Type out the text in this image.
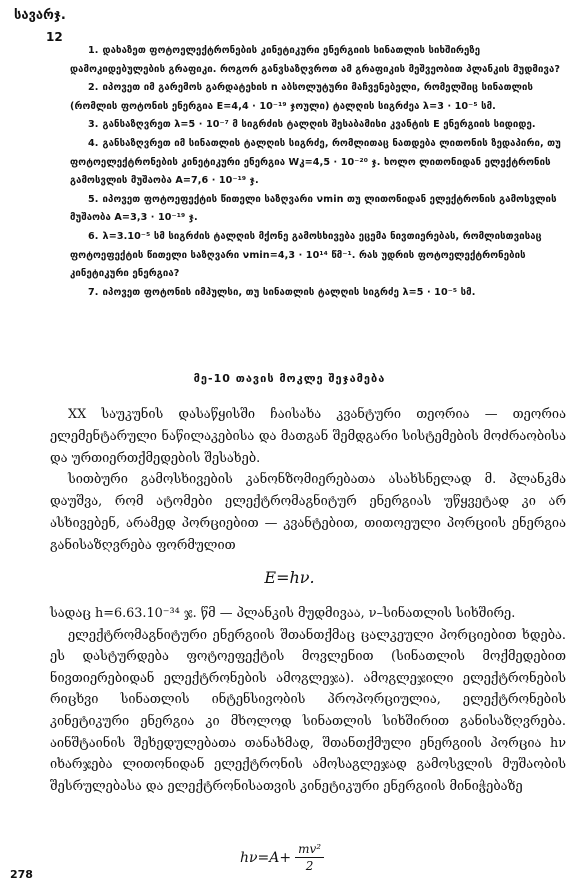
სავარჯ.
12

1. დახაზეთ ფოტოელექტრონების კინეტიკური ენერგიის სინათლის სიხშირეზე დამოკიდებულების გრაფიკი. როგორ განვსაზღვროთ ამ გრაფიკის მეშვეობით პლანკის მუდმივა?

2. იპოვეთ იმ გარემოს გარდატეხის n აბსოლუტური მაჩვენებელი, რომელშიც სინათლის (რომლის ფოტონის ენერგია E=4,4 · 10⁻¹⁹ ჯოული) ტალღის სიგრძეა λ=3 · 10⁻⁵ სმ.

3. განსაზღვრეთ λ=5 · 10⁻⁷ მ სიგრძის ტალღის შესაბამისი კვანტის E ენერგიის სიდიდე.

4. განსაზღვრეთ იმ სინათლის ტალღის სიგრძე, რომლითაც ნათდება ლითონის ზედაპირი, თუ ფოტოელექტრონების კინეტიკური ენერგია Wკ=4,5 · 10⁻²⁰ ჯ. ხოლო ლითონიდან ელექტრონის გამოსვლის მუშაობა A=7,6 · 10⁻¹⁹ ჯ.

5. იპოვეთ ფოტოეფექტის წითელი საზღვარი νmin თუ ლითონიდან ელექტრონის გამოსვლის მუშაობა A=3,3 · 10⁻¹⁹ ჯ.

6. λ=3.10⁻⁵ სმ სიგრძის ტალღის მქონე გამოსხივება ეცემა ნივთიერებას, რომლისთვისაც ფოტოეფექტის წითელი საზღვარი νmin=4,3 · 10¹⁴ წმ⁻¹. რას უდრის ფოტოელექტრონების კინეტიკური ენერგია?

7. იპოვეთ ფოტონის იმპულსი, თუ სინათლის ტალღის სიგრძე λ=5 · 10⁻⁵ სმ.

მე-10 თავის მოკლე შეჯამება

XX საუკუნის დასაწყისში ჩაისახა კვანტური თეორია — თეორია ელემენტარული ნაწილაკებისა და მათგან შემდგარი სისტემების მოძრაობისა და ურთიერთქმედების შესახებ.

სითბური გამოსხივების კანონზომიერებათა ასახსნელად მ. პლანკმა დაუშვა, რომ ატომები ელექტრომაგნიტურ ენერგიას უწყვეტად კი არ ასხივებენ, არამედ პორციებით — კვანტებით, თითოეული პორციის ენერგია განისაზღვრება ფორმულით

E=hν.

სადაც h=6.63.10⁻³⁴ ჯ. წმ — პლანკის მუდმივაა, ν–სინათლის სიხშირე.

ელექტრომაგნიტური ენერგიის შთანთქმაც ცალკეული პორციებით ხდება. ეს დასტურდება ფოტოეფექტის მოვლენით (სინათლის მოქმედებით ნივთიერებიდან ელექტრონების ამოგლეჯა). ამოგლეჯილი ელექტრონების რიცხვი სინათლის ინტენსივობის პროპორციულია, ელექტრონების კინეტიკური ენერგია კი მხოლოდ სინათლის სიხშირით განისაზღვრება. აინშტაინის შეხედულებათა თანახმად, შთანთქმული ენერგიის პორცია hν იხარჯება ლითონიდან ელექტრონის ამოსაგლეჯად გამოსვლის მუშაობის შესრულებასა და ელექტრონისათვის კინეტიკური ენერგიის მინიჭებაზე

$h\nu=A+ \frac{\text{mv²}}{2}$
278
